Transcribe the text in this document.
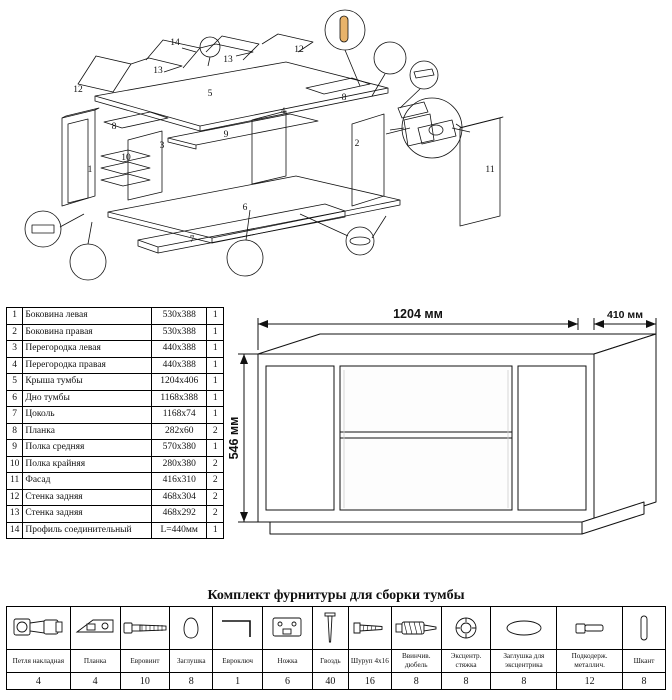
1
2
3
4
5
6
7
8
8
9
10
11
12
12
13
13
14
1	Боковина левая	530x388	1
2	Боковина правая	530x388	1
3	Перегородка левая	440x388	1
4	Перегородка правая	440x388	1
5	Крыша тумбы	1204x406	1
6	Дно тумбы	1168x388	1
7	Цоколь	1168x74	1
8	Планка	282x60	2
9	Полка средняя	570x380	1
10	Полка крайняя	280x380	2
11	Фасад	416x310	2
12	Стенка задняя	468x304	2
13	Стенка задняя	468x292	2
14	Профиль соединительный	L=440мм	1
1204 мм	410 мм
546 мм
Комплект фурнитуры для сборки тумбы

Петля накладная	Планка	Евровинт	Заглушка	Евроключ	Ножка	Гвоздь	Шуруп 4х16	Ввинчив. дюбель	Эксцентр. стяжка	Заглушка для эксцентрика	Подкодерж. металлич.	Шкант
4	4	10	8	1	6	40	16	8	8	8	12	8
